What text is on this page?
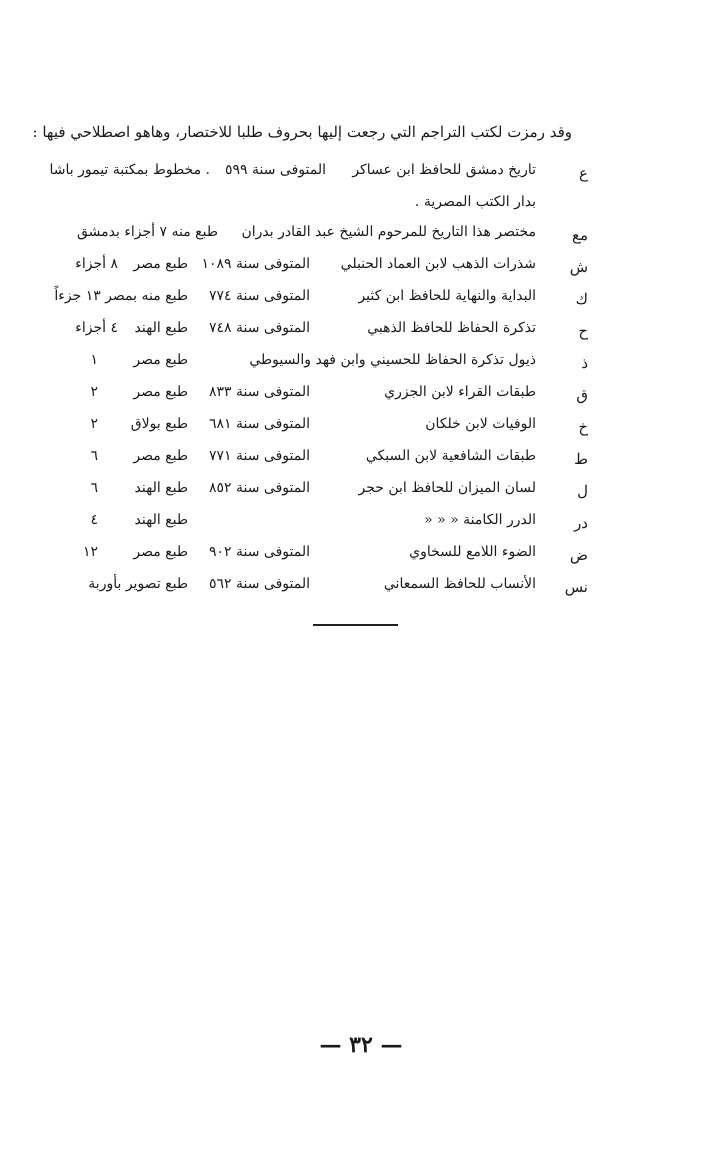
وقد رمزت لكتب التراجم التي رجعت إليها بحروف طلبا للاختصار، وهاهو اصطلاحي فيها :
ع
تاريخ دمشق للحافظ ابن عساكر
المتوفى سنة ٥٩٩
. مخطوط بمكتبة تيمور باشا
بدار الكتب المصرية .
مع
مختصر هذا التاريخ للمرحوم الشيخ عبد القادر بدران
طبع منه ٧ أجزاء بدمشق
ش
شذرات الذهب لابن العماد الحنبلي
المتوفى سنة ١٠٨٩
طبع مصر
٨ أجزاء
ك
البداية والنهاية للحافظ ابن كثير
المتوفى سنة ٧٧٤
طبع منه بمصر ١٣ جزءاً
ح
تذكرة الحفاظ للحافظ الذهبي
المتوفى سنة ٧٤٨
طبع الهند
٤ أجزاء
ذ
ذيول تذكرة الحفاظ للحسيني وابن فهد والسيوطي
طبع مصر
١
ق
طبقات القراء لابن الجزري
المتوفى سنة ٨٣٣
طبع مصر
٢
خ
الوفيات لابن خلكان
المتوفى سنة ٦٨١
طبع بولاق
٢
ط
طبقات الشافعية لابن السبكي
المتوفى سنة ٧٧١
طبع مصر
٦
ل
لسان الميزان للحافظ ابن حجر
المتوفى سنة ٨٥٢
طبع الهند
٦
در
الدرر الكامنة « « «
طبع الهند
٤
ض
الضوء اللامع للسخاوي
المتوفى سنة ٩٠٢
طبع مصر
١٢
نس
الأنساب للحافظ السمعاني
المتوفى سنة ٥٦٢
طبع تصوير بأوربة
— ٣٢ —
